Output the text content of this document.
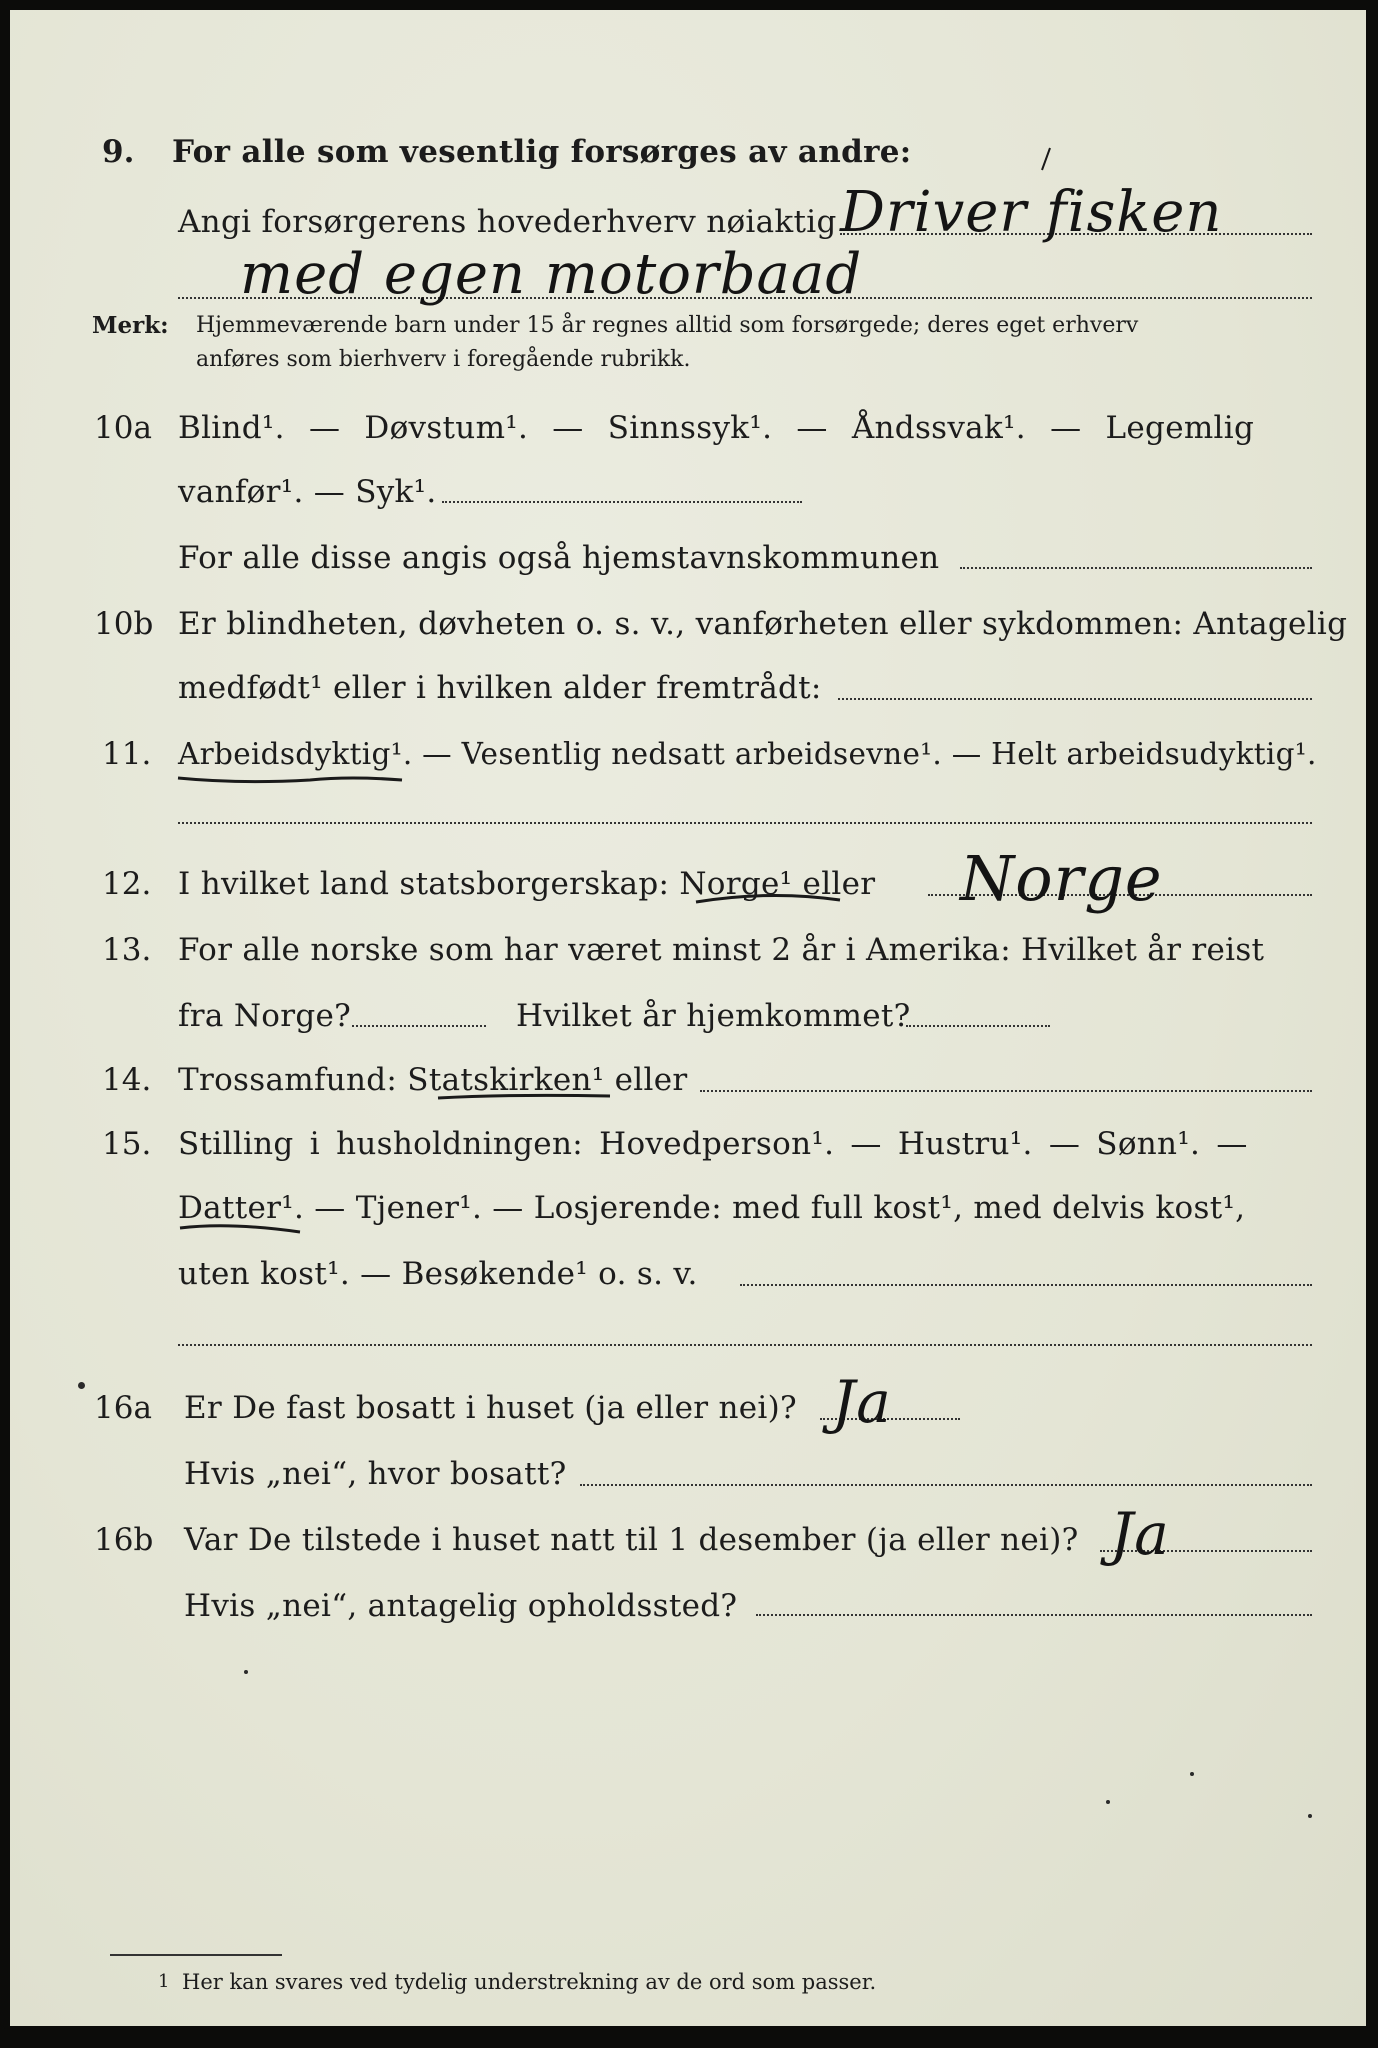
9. For alle som vesentlig forsørges av andre:
Angi forsørgerens hovederhverv nøiaktig Driver fisken
med egen motorbaad
Merk: Hjemmeværende barn under 15 år regnes alltid som forsørgede; deres eget erhverv
anføres som bierhverv i foregående rubrikk.
10a Blind¹. — Døvstum¹. — Sinnssyk¹. — Åndssvak¹. — Legemlig
vanfør¹. — Syk¹.
For alle disse angis også hjemstavnskommunen
10b Er blindheten, døvheten o. s. v., vanførheten eller sykdommen: Antagelig
medfødt¹ eller i hvilken alder fremtrådt:
11. Arbeidsdyktig¹. — Vesentlig nedsatt arbeidsevne¹. — Helt arbeidsudyktig¹.
12. I hvilket land statsborgerskap: Norge¹ eller Norge
13. For alle norske som har været minst 2 år i Amerika: Hvilket år reist
fra Norge?	Hvilket år hjemkommet?
14. Trossamfund: Statskirken¹ eller
15. Stilling i husholdningen: Hovedperson¹. — Hustru¹. — Sønn¹. —
Datter¹. — Tjener¹. — Losjerende: med full kost¹, med delvis kost¹,
uten kost¹. — Besøkende¹ o. s. v.
16a Er De fast bosatt i huset (ja eller nei)? Ja
Hvis „nei“, hvor bosatt?
16b Var De tilstede i huset natt til 1 desember (ja eller nei)? Ja
Hvis „nei“, antagelig opholdssted?
1 Her kan svares ved tydelig understrekning av de ord som passer.
